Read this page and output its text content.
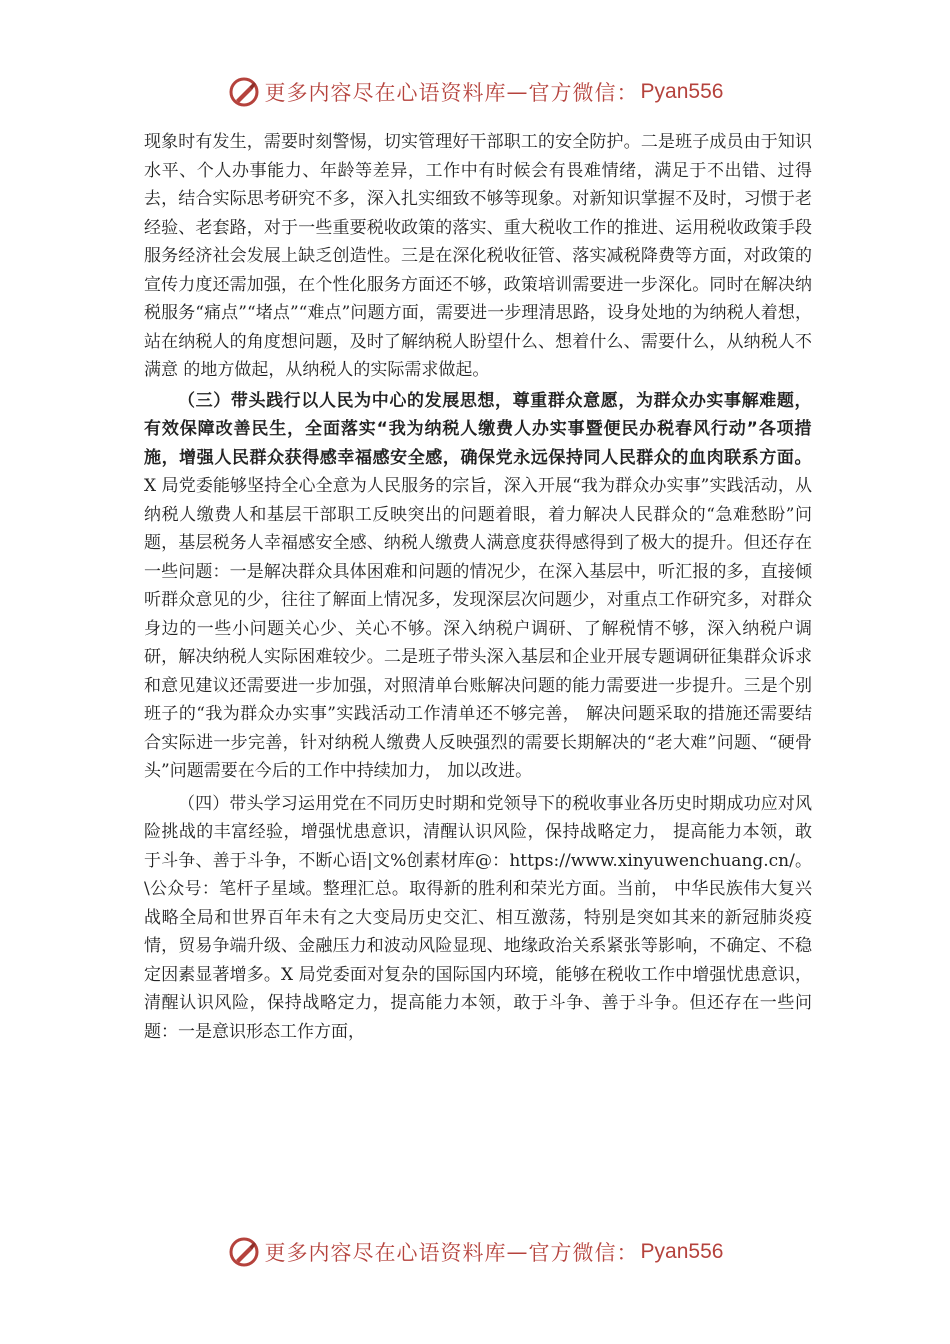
更多内容尽在心语资料库 — 官方微信： Pyan556

现象时有发生，需要时刻警惕，切实管理好干部职工的安全防护。二是班子成员由于知识水平、个人办事能力、年龄等差异，工作中有时候会有畏难情绪，满足于不出错、过得去，结合实际思考研究不多，深入扎实细致不够等现象。对新知识掌握不及时，习惯于老经验、老套路，对于一些重要税收政策的落实、重大税收工作的推进、运用税收政策手段服务经济社会发展上缺乏创造性。三是在深化税收征管、落实减税降费等方面，对政策的宣传力度还需加强，在个性化服务方面还不够，政策培训需要进一步深化。同时在解决纳税服务“痛点”“堵点”“难点”问题方面，需要进一步理清思路，设身处地的为纳税人着想，站在纳税人的角度想问题，及时了解纳税人盼望什么、想着什么、需要什么，从纳税人不满意 的地方做起，从纳税人的实际需求做起。

（三）带头践行以人民为中心的发展思想，尊重群众意愿，为群众办实事解难题，有效保障改善民生，全面落实“我为纳税人缴费人办实事暨便民办税春风行动”各项措施，增强人民群众获得感幸福感安全感，确保党永远保持同人民群众的血肉联系方面。X 局党委能够坚持全心全意为人民服务的宗旨，深入开展“我为群众办实事”实践活动，从纳税人缴费人和基层干部职工反映突出的问题着眼，着力解决人民群众的“急难愁盼”问题，基层税务人幸福感安全感、纳税人缴费人满意度获得感得到了极大的提升。但还存在一些问题：一是解决群众具体困难和问题的情况少，在深入基层中，听汇报的多，直接倾听群众意见的少，往往了解面上情况多，发现深层次问题少，对重点工作研究多，对群众身边的一些小问题关心少、关心不够。深入纳税户调研、了解税情不够，深入纳税户调研，解决纳税人实际困难较少。二是班子带头深入基层和企业开展专题调研征集群众诉求和意见建议还需要进一步加强，对照清单台账解决问题的能力需要进一步提升。三是个别班子的“我为群众办实事”实践活动工作清单还不够完善， 解决问题采取的措施还需要结合实际进一步完善，针对纳税人缴费人反映强烈的需要长期解决的“老大难”问题、“硬骨头”问题需要在今后的工作中持续加力， 加以改进。

（四）带头学习运用党在不同历史时期和党领导下的税收事业各历史时期成功应对风险挑战的丰富经验，增强忧患意识，清醒认识风险，保持战略定力， 提高能力本领，敢于斗争、善于斗争，不断心语|文%创素材库@：https://www.xinyuwenchuang.cn/。\公众号：笔杆子星域。整理汇总。取得新的胜利和荣光方面。当前， 中华民族伟大复兴战略全局和世界百年未有之大变局历史交汇、相互激荡，特别是突如其来的新冠肺炎疫情，贸易争端升级、金融压力和波动风险显现、地缘政治关系紧张等影响，不确定、不稳定因素显著增多。X 局党委面对复杂的国际国内环境，能够在税收工作中增强忧患意识，清醒认识风险，保持战略定力，提高能力本领，敢于斗争、善于斗争。但还存在一些问题：一是意识形态工作方面，

更多内容尽在心语资料库 — 官方微信： Pyan556
